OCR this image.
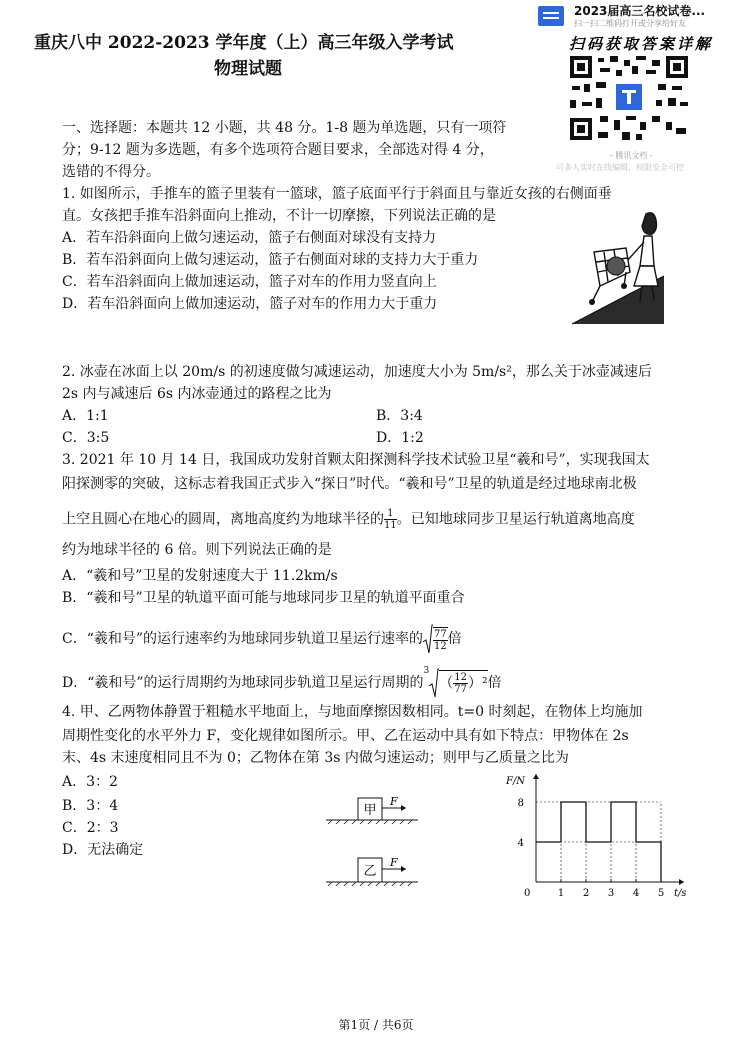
重庆八中 2022-2023 学年度（上）高三年级入学考试
物理试题
2023届高三名校试卷...
扫一扫二维码打开或分享给好友
扫码获取答案详解
- 腾讯文档 -
可多人实时在线编辑，权限安全可控
一、选择题：本题共 12 小题，共 48 分。1-8 题为单选题，只有一项符
分；9-12 题为多选题，有多个选项符合题目要求，全部选对得 4 分，
选错的不得分。
1. 如图所示，手推车的篮子里装有一篮球，篮子底面平行于斜面且与靠近女孩的右侧面垂
直。女孩把手推车沿斜面向上推动，不计一切摩擦，下列说法正确的是
A．若车沿斜面向上做匀速运动，篮子右侧面对球没有支持力
B．若车沿斜面向上做匀速运动，篮子右侧面对球的支持力大于重力
C．若车沿斜面向上做加速运动，篮子对车的作用力竖直向上
D．若车沿斜面向上做加速运动，篮子对车的作用力大于重力
2. 冰壶在冰面上以 20m/s 的初速度做匀减速运动，加速度大小为 5m/s²，那么关于冰壶减速后
2s 内与减速后 6s 内冰壶通过的路程之比为
A．1:1	B．3:4
C．3:5	D．1:2
3. 2021 年 10 月 14 日，我国成功发射首颗太阳探测科学技术试验卫星“羲和号”，实现我国太
阳探测零的突破，这标志着我国正式步入“探日”时代。“羲和号”卫星的轨道是经过地球南北极
上空且圆心在地心的圆周，离地高度约为地球半径的 $\frac{1}{11}$ 。已知地球同步卫星运行轨道离地高度
约为地球半径的 6 倍。则下列说法正确的是
A．“羲和号”卫星的发射速度大于 11.2km/s
B．“羲和号”卫星的轨道平面可能与地球同步卫星的轨道平面重合
C．“羲和号”的运行速率约为地球同步轨道卫星运行速率的 $\frac{77}{12}$ 倍
D．“羲和号”的运行周期约为地球同步轨道卫星运行周期的$^3( \frac{12}{77} )^2$倍
4. 甲、乙两物体静置于粗糙水平地面上，与地面摩擦因数相同。t=0 时刻起，在物体上均施加
周期性变化的水平外力 F，变化规律如图所示。甲、乙在运动中具有如下特点：甲物体在 2s
末、4s 末速度相同且不为 0；乙物体在第 3s 内做匀速运动；则甲与乙质量之比为
A．3：2
B．3：4
C．2：3
D．无法确定
甲
F
乙
F
F/N
t/s
0	1 2 3 4 5
4
8
第1页 / 共6页
